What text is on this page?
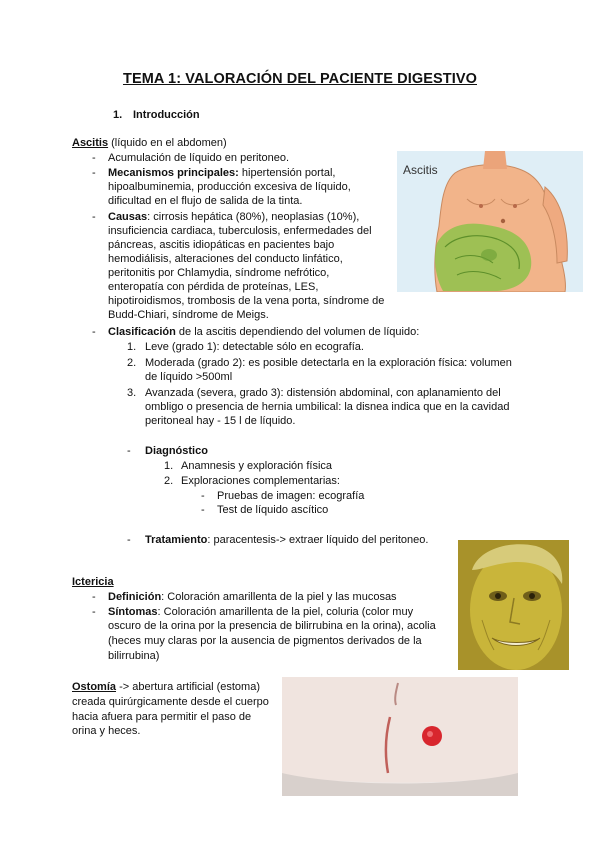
TEMA 1: VALORACIÓN DEL PACIENTE DIGESTIVO
1. Introducción
Ascitis (líquido en el abdomen)
- Acumulación de líquido en peritoneo.
- Mecanismos principales: hipertensión portal,
hipoalbuminemia, producción excesiva de líquido,
dificultad en el flujo de salida de la tinta.
- Causas: cirrosis hepática (80%), neoplasias (10%),
insuficiencia cardiaca, tuberculosis, enfermedades del
páncreas, ascitis idiopáticas en pacientes bajo
hemodiálisis, alteraciones del conducto linfático,
peritonitis por Chlamydia, síndrome nefrótico,
enteropatía con pérdida de proteínas, LES,
hipotiroidismos, trombosis de la vena porta, síndrome de
Budd-Chiari, síndrome de Meigs.
- Clasificación de la ascitis dependiendo del volumen de líquido:
1. Leve (grado 1): detectable sólo en ecografía.
2. Moderada (grado 2): es posible detectarla en la exploración física: volumen
de líquido >500ml
3. Avanzada (severa, grado 3): distensión abdominal, con aplanamiento del
ombligo o presencia de hernia umbilical: la disnea indica que en la cavidad
peritoneal hay - 15 l de líquido.
- Diagnóstico
1. Anamnesis y exploración física
2. Exploraciones complementarias:
- Pruebas de imagen: ecografía
- Test de líquido ascítico
- Tratamiento: paracentesis-> extraer líquido del peritoneo.
Ascitis
Ictericia
- Definición: Coloración amarillenta de la piel y las mucosas
- Síntomas: Coloración amarillenta de la piel, coluria (color muy
oscuro de la orina por la presencia de bilirrubina en la orina), acolia
(heces muy claras por la ausencia de pigmentos derivados de la
bilirrubina)
Ostomía -> abertura artificial (estoma)
creada quirúrgicamente desde el cuerpo
hacia afuera para permitir el paso de
orina y heces.
